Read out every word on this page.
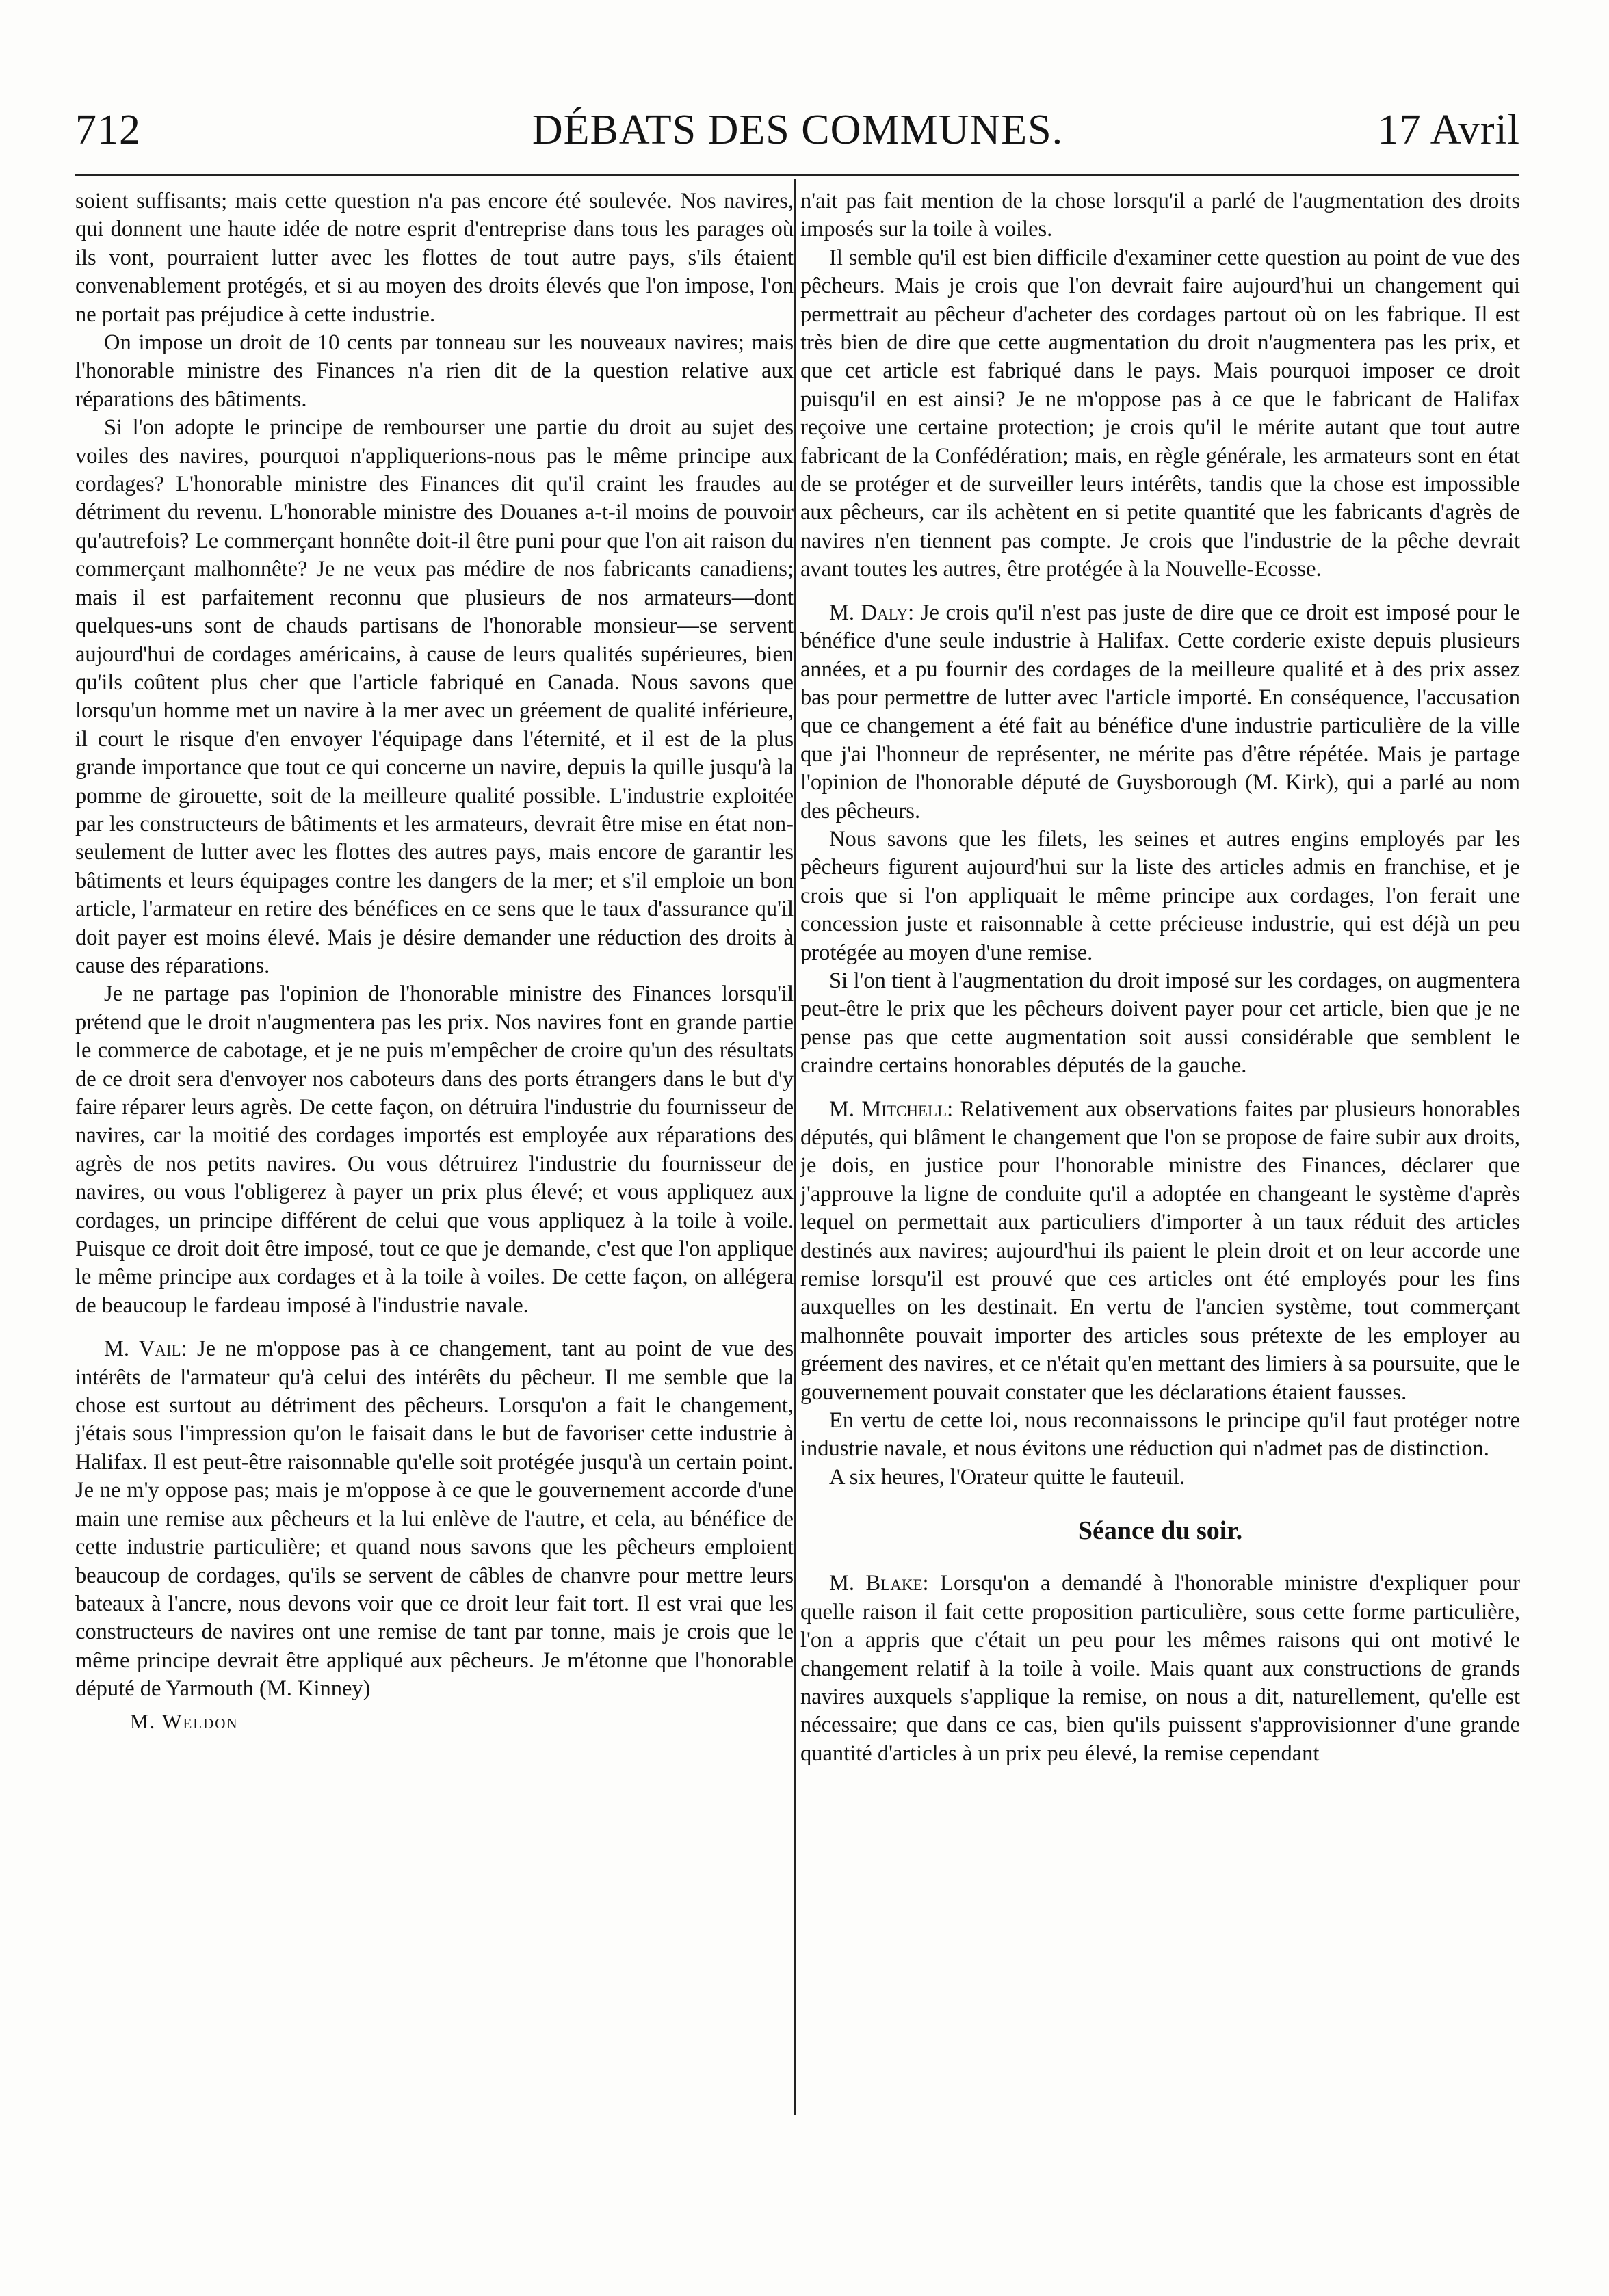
712	DÉBATS DES COMMUNES.	17 Avril

soient suffisants; mais cette question n'a pas encore été soulevée. Nos navires, qui donnent une haute idée de notre esprit d'entreprise dans tous les parages où ils vont, pourraient lutter avec les flottes de tout autre pays, s'ils étaient convenablement protégés, et si au moyen des droits élevés que l'on impose, l'on ne portait pas préjudice à cette industrie.

On impose un droit de 10 cents par tonneau sur les nouveaux navires; mais l'honorable ministre des Finances n'a rien dit de la question relative aux réparations des bâtiments.

Si l'on adopte le principe de rembourser une partie du droit au sujet des voiles des navires, pourquoi n'appliquerions-nous pas le même principe aux cordages? L'honorable ministre des Finances dit qu'il craint les fraudes au détriment du revenu. L'honorable ministre des Douanes a-t-il moins de pouvoir qu'autrefois? Le commerçant honnête doit-il être puni pour que l'on ait raison du commerçant malhonnête? Je ne veux pas médire de nos fabricants canadiens; mais il est parfaitement reconnu que plusieurs de nos armateurs—dont quelques-uns sont de chauds partisans de l'honorable monsieur—se servent aujourd'hui de cordages américains, à cause de leurs qualités supérieures, bien qu'ils coûtent plus cher que l'article fabriqué en Canada. Nous savons que lorsqu'un homme met un navire à la mer avec un gréement de qualité inférieure, il court le risque d'en envoyer l'équipage dans l'éternité, et il est de la plus grande importance que tout ce qui concerne un navire, depuis la quille jusqu'à la pomme de girouette, soit de la meilleure qualité possible. L'industrie exploitée par les constructeurs de bâtiments et les armateurs, devrait être mise en état non-seulement de lutter avec les flottes des autres pays, mais encore de garantir les bâtiments et leurs équipages contre les dangers de la mer; et s'il emploie un bon article, l'armateur en retire des bénéfices en ce sens que le taux d'assurance qu'il doit payer est moins élevé. Mais je désire demander une réduction des droits à cause des réparations.

Je ne partage pas l'opinion de l'honorable ministre des Finances lorsqu'il prétend que le droit n'augmentera pas les prix. Nos navires font en grande partie le commerce de cabotage, et je ne puis m'empêcher de croire qu'un des résultats de ce droit sera d'envoyer nos caboteurs dans des ports étrangers dans le but d'y faire réparer leurs agrès. De cette façon, on détruira l'industrie du fournisseur de navires, car la moitié des cordages importés est employée aux réparations des agrès de nos petits navires. Ou vous détruirez l'industrie du fournisseur de navires, ou vous l'obligerez à payer un prix plus élevé; et vous appliquez aux cordages, un principe différent de celui que vous appliquez à la toile à voile. Puisque ce droit doit être imposé, tout ce que je demande, c'est que l'on applique le même principe aux cordages et à la toile à voiles. De cette façon, on allégera de beaucoup le fardeau imposé à l'industrie navale.

M. Vail: Je ne m'oppose pas à ce changement, tant au point de vue des intérêts de l'armateur qu'à celui des intérêts du pêcheur. Il me semble que la chose est surtout au détriment des pêcheurs. Lorsqu'on a fait le changement, j'étais sous l'impression qu'on le faisait dans le but de favoriser cette industrie à Halifax. Il est peut-être raisonnable qu'elle soit protégée jusqu'à un certain point. Je ne m'y oppose pas; mais je m'oppose à ce que le gouvernement accorde d'une main une remise aux pêcheurs et la lui enlève de l'autre, et cela, au bénéfice de cette industrie particulière; et quand nous savons que les pêcheurs emploient beaucoup de cordages, qu'ils se servent de câbles de chanvre pour mettre leurs bateaux à l'ancre, nous devons voir que ce droit leur fait tort. Il est vrai que les constructeurs de navires ont une remise de tant par tonne, mais je crois que le même principe devrait être appliqué aux pêcheurs. Je m'étonne que l'honorable député de Yarmouth (M. Kinney)

M. Weldon

n'ait pas fait mention de la chose lorsqu'il a parlé de l'augmentation des droits imposés sur la toile à voiles.

Il semble qu'il est bien difficile d'examiner cette question au point de vue des pêcheurs. Mais je crois que l'on devrait faire aujourd'hui un changement qui permettrait au pêcheur d'acheter des cordages partout où on les fabrique. Il est très bien de dire que cette augmentation du droit n'augmentera pas les prix, et que cet article est fabriqué dans le pays. Mais pourquoi imposer ce droit puisqu'il en est ainsi? Je ne m'oppose pas à ce que le fabricant de Halifax reçoive une certaine protection; je crois qu'il le mérite autant que tout autre fabricant de la Confédération; mais, en règle générale, les armateurs sont en état de se protéger et de surveiller leurs intérêts, tandis que la chose est impossible aux pêcheurs, car ils achètent en si petite quantité que les fabricants d'agrès de navires n'en tiennent pas compte. Je crois que l'industrie de la pêche devrait avant toutes les autres, être protégée à la Nouvelle-Ecosse.

M. Daly: Je crois qu'il n'est pas juste de dire que ce droit est imposé pour le bénéfice d'une seule industrie à Halifax. Cette corderie existe depuis plusieurs années, et a pu fournir des cordages de la meilleure qualité et à des prix assez bas pour permettre de lutter avec l'article importé. En conséquence, l'accusation que ce changement a été fait au bénéfice d'une industrie particulière de la ville que j'ai l'honneur de représenter, ne mérite pas d'être répétée. Mais je partage l'opinion de l'honorable député de Guysborough (M. Kirk), qui a parlé au nom des pêcheurs.

Nous savons que les filets, les seines et autres engins employés par les pêcheurs figurent aujourd'hui sur la liste des articles admis en franchise, et je crois que si l'on appliquait le même principe aux cordages, l'on ferait une concession juste et raisonnable à cette précieuse industrie, qui est déjà un peu protégée au moyen d'une remise.

Si l'on tient à l'augmentation du droit imposé sur les cordages, on augmentera peut-être le prix que les pêcheurs doivent payer pour cet article, bien que je ne pense pas que cette augmentation soit aussi considérable que semblent le craindre certains honorables députés de la gauche.

M. Mitchell: Relativement aux observations faites par plusieurs honorables députés, qui blâment le changement que l'on se propose de faire subir aux droits, je dois, en justice pour l'honorable ministre des Finances, déclarer que j'approuve la ligne de conduite qu'il a adoptée en changeant le système d'après lequel on permettait aux particuliers d'importer à un taux réduit des articles destinés aux navires; aujourd'hui ils paient le plein droit et on leur accorde une remise lorsqu'il est prouvé que ces articles ont été employés pour les fins auxquelles on les destinait. En vertu de l'ancien système, tout commerçant malhonnête pouvait importer des articles sous prétexte de les employer au gréement des navires, et ce n'était qu'en mettant des limiers à sa poursuite, que le gouvernement pouvait constater que les déclarations étaient fausses.

En vertu de cette loi, nous reconnaissons le principe qu'il faut protéger notre industrie navale, et nous évitons une réduction qui n'admet pas de distinction.

A six heures, l'Orateur quitte le fauteuil.

Séance du soir.

M. Blake: Lorsqu'on a demandé à l'honorable ministre d'expliquer pour quelle raison il fait cette proposition particulière, sous cette forme particulière, l'on a appris que c'était un peu pour les mêmes raisons qui ont motivé le changement relatif à la toile à voile. Mais quant aux constructions de grands navires auxquels s'applique la remise, on nous a dit, naturellement, qu'elle est nécessaire; que dans ce cas, bien qu'ils puissent s'approvisionner d'une grande quantité d'articles à un prix peu élevé, la remise cependant
